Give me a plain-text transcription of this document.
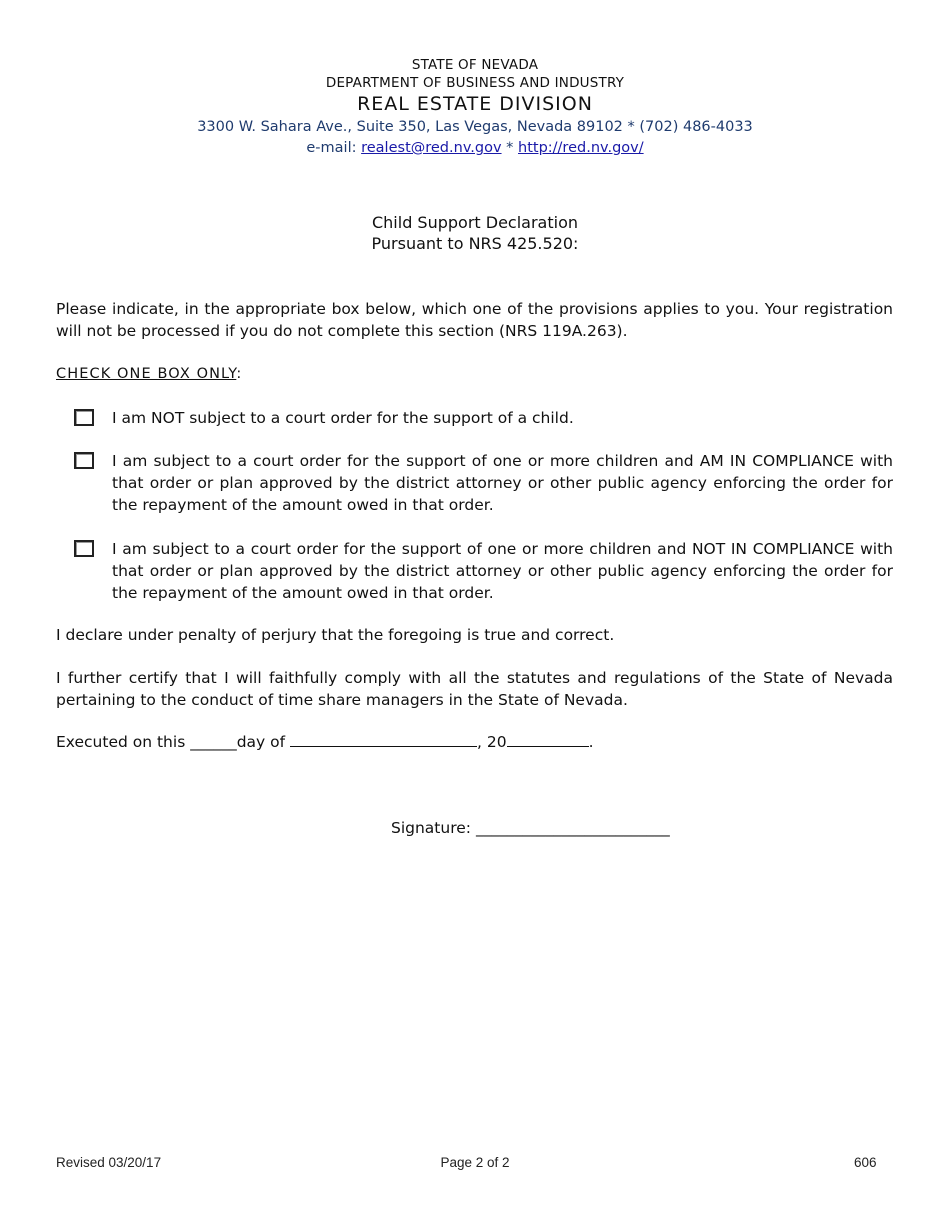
STATE OF NEVADA
DEPARTMENT OF BUSINESS AND INDUSTRY
REAL ESTATE DIVISION
3300 W. Sahara Ave., Suite 350, Las Vegas, Nevada 89102 * (702) 486-4033
e-mail: realest@red.nv.gov * http://red.nv.gov/
Child Support Declaration
Pursuant to NRS 425.520:
Please indicate, in the appropriate box below, which one of the provisions applies to you. Your registration will not be processed if you do not complete this section (NRS 119A.263).
CHECK ONE BOX ONLY:
I am NOT subject to a court order for the support of a child.
I am subject to a court order for the support of one or more children and AM IN COMPLIANCE with that order or plan approved by the district attorney or other public agency enforcing the order for the repayment of the amount owed in that order.
I am subject to a court order for the support of one or more children and NOT IN COMPLIANCE with that order or plan approved by the district attorney or other public agency enforcing the order for the repayment of the amount owed in that order.
I declare under penalty of perjury that the foregoing is true and correct.
I further certify that I will faithfully comply with all the statutes and regulations of the State of Nevada pertaining to the conduct of time share managers in the State of Nevada.
Executed on this ______day of	, 20	.
Signature: _________________________
Revised 03/20/17	Page 2 of 2	606
